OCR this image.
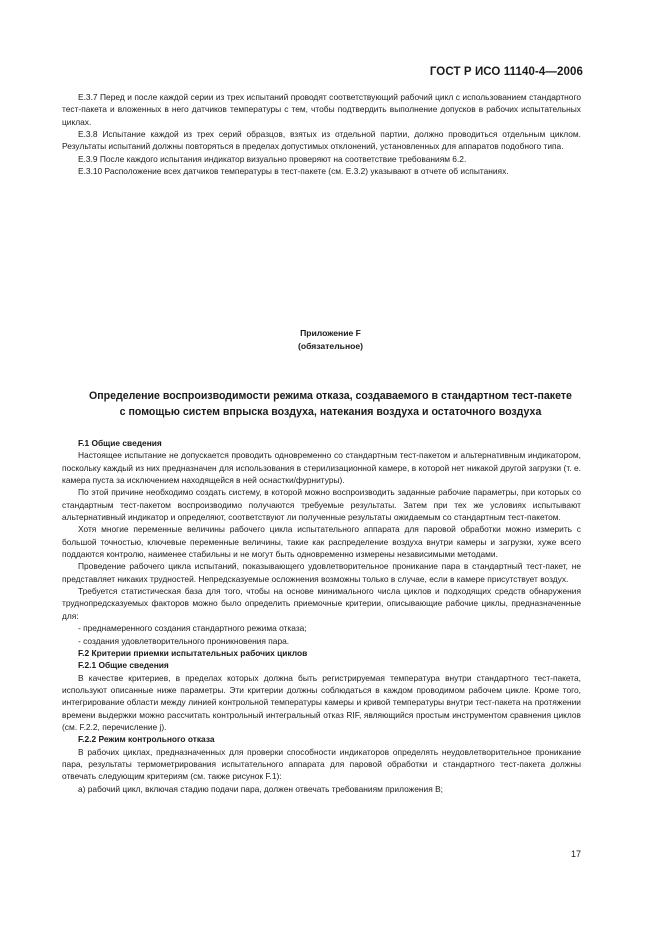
ГОСТ Р ИСО 11140-4—2006

Е.3.7 Перед и после каждой серии из трех испытаний проводят соответствующий рабочий цикл с использованием стандартного тест-пакета и вложенных в него датчиков температуры с тем, чтобы подтвердить выполнение допусков в рабочих испытательных циклах.

Е.3.8 Испытание каждой из трех серий образцов, взятых из отдельной партии, должно проводиться отдельным циклом. Результаты испытаний должны повторяться в пределах допустимых отклонений, установленных для аппаратов подобного типа.

Е.3.9 После каждого испытания индикатор визуально проверяют на соответствие требованиям 6.2.

Е.3.10 Расположение всех датчиков температуры в тест-пакете (см. Е.3.2) указывают в отчете об испытаниях.

Приложение F
(обязательное)
Определение воспроизводимости режима отказа, создаваемого в стандартном тест-пакете
с помощью систем впрыска воздуха, натекания воздуха и остаточного воздуха

F.1 Общие сведения

Настоящее испытание не допускается проводить одновременно со стандартным тест-пакетом и альтернативным индикатором, поскольку каждый из них предназначен для использования в стерилизационной камере, в которой нет никакой другой загрузки (т. е. камера пуста за исключением находящейся в ней оснастки/фурнитуры).

По этой причине необходимо создать систему, в которой можно воспроизводить заданные рабочие параметры, при которых со стандартным тест-пакетом воспроизводимо получаются требуемые результаты. Затем при тех же условиях испытывают альтернативный индикатор и определяют, соответствуют ли полученные результаты ожидаемым со стандартным тест-пакетом.

Хотя многие переменные величины рабочего цикла испытательного аппарата для паровой обработки можно измерить с большой точностью, ключевые переменные величины, такие как распределение воздуха внутри камеры и загрузки, хуже всего поддаются контролю, наименее стабильны и не могут быть одновременно измерены независимыми методами.

Проведение рабочего цикла испытаний, показывающего удовлетворительное проникание пара в стандартный тест-пакет, не представляет никаких трудностей. Непредсказуемые осложнения возможны только в случае, если в камере присутствует воздух.

Требуется статистическая база для того, чтобы на основе минимального числа циклов и подходящих средств обнаружения труднопредсказуемых факторов можно было определить приемочные критерии, описывающие рабочие циклы, предназначенные для:

- преднамеренного создания стандартного режима отказа;

- создания удовлетворительного проникновения пара.

F.2 Критерии приемки испытательных рабочих циклов

F.2.1 Общие сведения

В качестве критериев, в пределах которых должна быть регистрируемая температура внутри стандартного тест-пакета, используют описанные ниже параметры. Эти критерии должны соблюдаться в каждом проводимом рабочем цикле. Кроме того, интегрирование области между линией контрольной температуры камеры и кривой температуры внутри тест-пакета на протяжении времени выдержки можно рассчитать контрольный интегральный отказ RIF, являющийся простым инструментом сравнения циклов (см. F.2.2, перечисление j).

F.2.2 Режим контрольного отказа

В рабочих циклах, предназначенных для проверки способности индикаторов определять неудовлетворительное проникание пара, результаты термометрирования испытательного аппарата для паровой обработки и стандартного тест-пакета должны отвечать следующим критериям (см. также рисунок F.1):

а) рабочий цикл, включая стадию подачи пара, должен отвечать требованиям приложения В;

17
